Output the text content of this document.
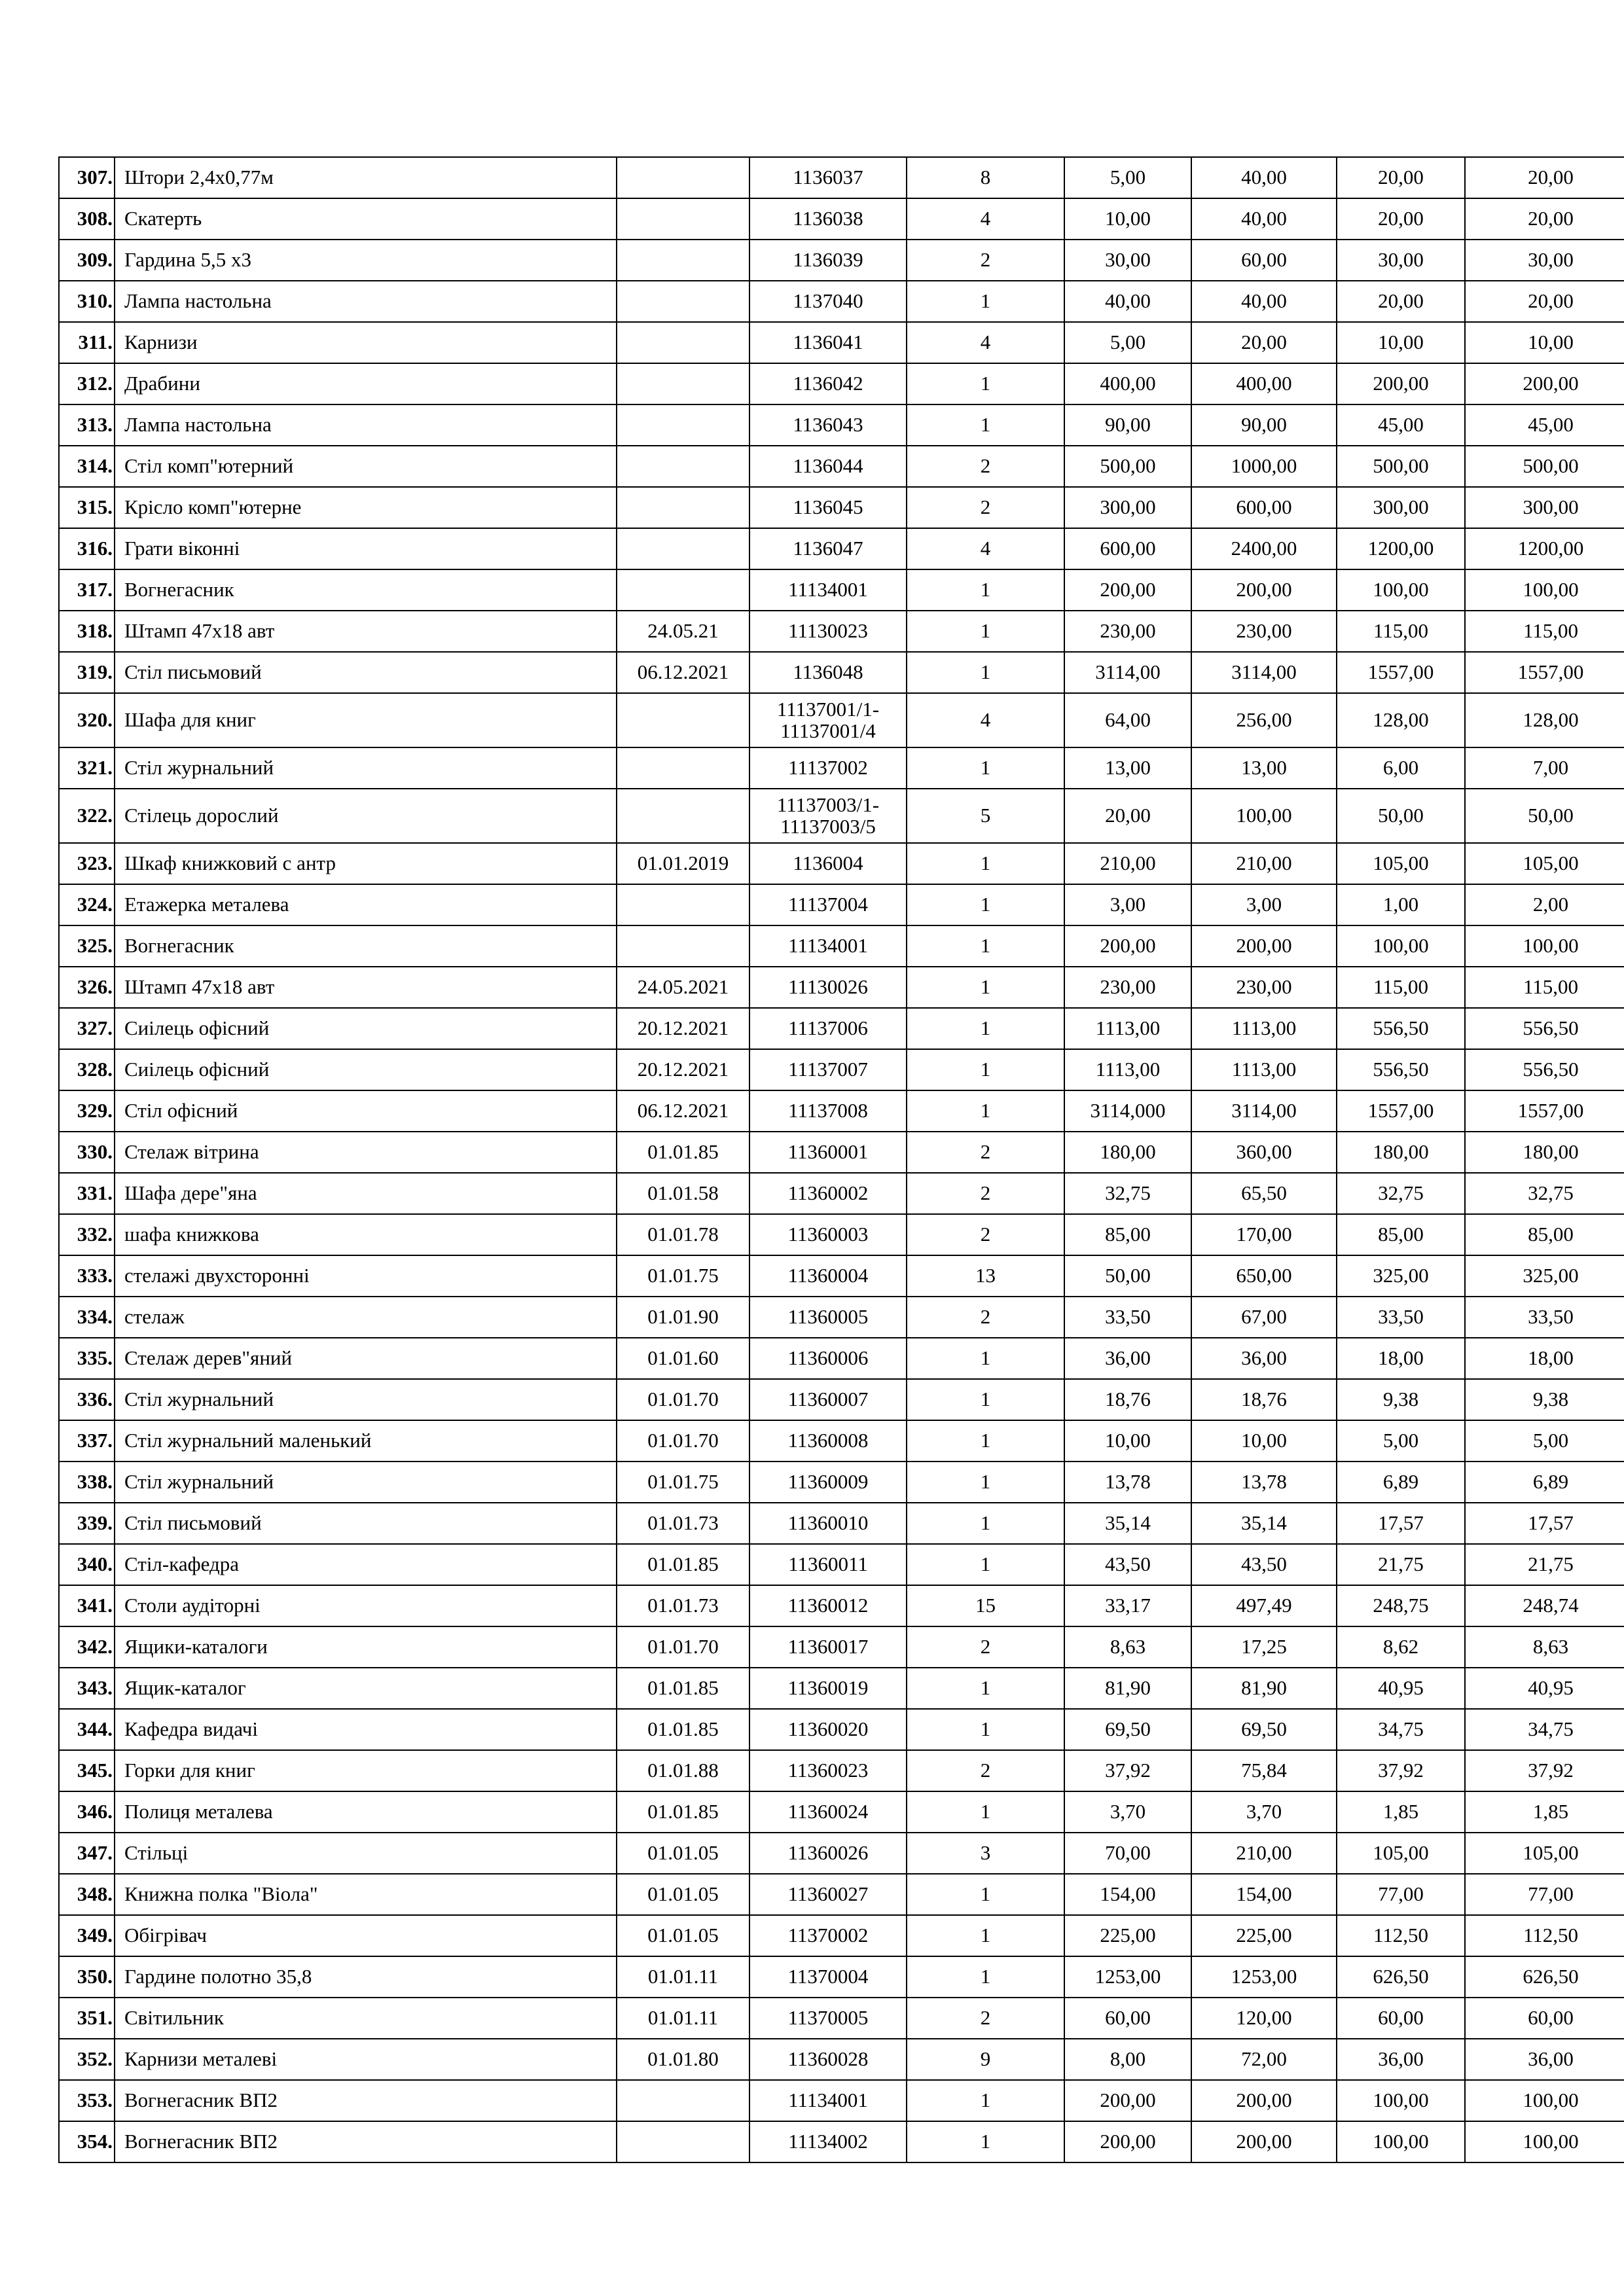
307.	Штори 2,4х0,77м		1136037	8	5,00	40,00	20,00	20,00
308.	Скатерть		1136038	4	10,00	40,00	20,00	20,00
309.	Гардина 5,5 х3		1136039	2	30,00	60,00	30,00	30,00
310.	Лампа настольна		1137040	1	40,00	40,00	20,00	20,00
311.	Карнизи		1136041	4	5,00	20,00	10,00	10,00
312.	Драбини		1136042	1	400,00	400,00	200,00	200,00
313.	Лампа настольна		1136043	1	90,00	90,00	45,00	45,00
314.	Стіл комп"ютерний		1136044	2	500,00	1000,00	500,00	500,00
315.	Крісло комп"ютерне		1136045	2	300,00	600,00	300,00	300,00
316.	Грати віконні		1136047	4	600,00	2400,00	1200,00	1200,00
317.	Вогнегасник		11134001	1	200,00	200,00	100,00	100,00
318.	Штамп 47х18 авт	24.05.21	11130023	1	230,00	230,00	115,00	115,00
319.	Стіл письмовий	06.12.2021	1136048	1	3114,00	3114,00	1557,00	1557,00
320.	Шафа для книг		11137001/1-
11137001/4	4	64,00	256,00	128,00	128,00
321.	Стіл журнальний		11137002	1	13,00	13,00	6,00	7,00
322.	Стілець дорослий		11137003/1-
11137003/5	5	20,00	100,00	50,00	50,00
323.	Шкаф книжковий с антр	01.01.2019	1136004	1	210,00	210,00	105,00	105,00
324.	Етажерка металева		11137004	1	3,00	3,00	1,00	2,00
325.	Вогнегасник		11134001	1	200,00	200,00	100,00	100,00
326.	Штамп 47х18 авт	24.05.2021	11130026	1	230,00	230,00	115,00	115,00
327.	Сиілець офісний	20.12.2021	11137006	1	1113,00	1113,00	556,50	556,50
328.	Сиілець офісний	20.12.2021	11137007	1	1113,00	1113,00	556,50	556,50
329.	Стіл офісний	06.12.2021	11137008	1	3114,000	3114,00	1557,00	1557,00
330.	Стелаж вітрина	01.01.85	11360001	2	180,00	360,00	180,00	180,00
331.	Шафа дере"яна	01.01.58	11360002	2	32,75	65,50	32,75	32,75
332.	шафа книжкова	01.01.78	11360003	2	85,00	170,00	85,00	85,00
333.	стелажі двухсторонні	01.01.75	11360004	13	50,00	650,00	325,00	325,00
334.	стелаж	01.01.90	11360005	2	33,50	67,00	33,50	33,50
335.	Стелаж дерев"яний	01.01.60	11360006	1	36,00	36,00	18,00	18,00
336.	Стіл журнальний	01.01.70	11360007	1	18,76	18,76	9,38	9,38
337.	Стіл журнальний маленький	01.01.70	11360008	1	10,00	10,00	5,00	5,00
338.	Стіл журнальний	01.01.75	11360009	1	13,78	13,78	6,89	6,89
339.	Стіл письмовий	01.01.73	11360010	1	35,14	35,14	17,57	17,57
340.	Стіл-кафедра	01.01.85	11360011	1	43,50	43,50	21,75	21,75
341.	Столи аудіторні	01.01.73	11360012	15	33,17	497,49	248,75	248,74
342.	Ящики-каталоги	01.01.70	11360017	2	8,63	17,25	8,62	8,63
343.	Ящик-каталог	01.01.85	11360019	1	81,90	81,90	40,95	40,95
344.	Кафедра видачі	01.01.85	11360020	1	69,50	69,50	34,75	34,75
345.	Горки для книг	01.01.88	11360023	2	37,92	75,84	37,92	37,92
346.	Полиця металева	01.01.85	11360024	1	3,70	3,70	1,85	1,85
347.	Стільці	01.01.05	11360026	3	70,00	210,00	105,00	105,00
348.	Книжна полка "Віола"	01.01.05	11360027	1	154,00	154,00	77,00	77,00
349.	Обігрівач	01.01.05	11370002	1	225,00	225,00	112,50	112,50
350.	Гардине полотно 35,8	01.01.11	11370004	1	1253,00	1253,00	626,50	626,50
351.	Світильник	01.01.11	11370005	2	60,00	120,00	60,00	60,00
352.	Карнизи металеві	01.01.80	11360028	9	8,00	72,00	36,00	36,00
353.	Вогнегасник ВП2		11134001	1	200,00	200,00	100,00	100,00
354.	Вогнегасник ВП2		11134002	1	200,00	200,00	100,00	100,00
